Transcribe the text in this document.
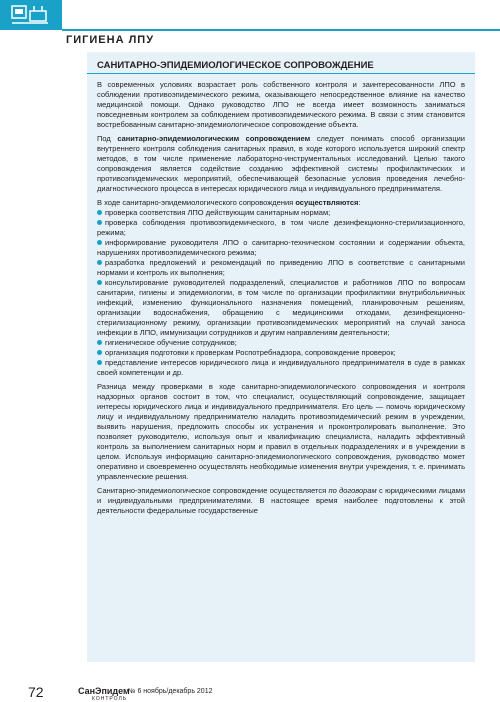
ГИГИЕНА ЛПУ
САНИТАРНО-ЭПИДЕМИОЛОГИЧЕСКОЕ СОПРОВОЖДЕНИЕ

В современных условиях возрастает роль собственного контроля и заинтересованности ЛПО в соблюдении противоэпидемического режима, оказывающего непосредственное влияние на качество медицинской помощи. Однако руководство ЛПО не всегда имеет возможность заниматься повседневным контролем за соблюдением противоэпидемического режима. В связи с этим становится востребованным санитарно-эпидемиологическое сопровождение объекта.

Под санитарно-эпидемиологическим сопровождением следует понимать способ организации внутреннего контроля соблюдения санитарных правил, в ходе которого используется широкий спектр методов, в том числе применение лабораторно-инструментальных исследований. Целью такого сопровождения является содействие созданию эффективной системы профилактических и противоэпидемических мероприятий, обеспечивающей безопасные условия проведения лечебно-диагностического процесса в интересах юридического лица и индивидуального предпринимателя.

В ходе санитарно-эпидемиологического сопровождения осуществляются:

проверка соответствия ЛПО действующим санитарным нормам;
проверка соблюдения противоэпидемического, в том числе дезинфекционно-стерилизационного, режима;
информирование руководителя ЛПО о санитарно-техническом состоянии и содержании объекта, нарушениях противоэпидемического режима;
разработка предложений и рекомендаций по приведению ЛПО в соответствие с санитарными нормами и контроль их выполнения;
консультирование руководителей подразделений, специалистов и работников ЛПО по вопросам санитарии, гигиены и эпидемиологии, в том числе по организации профилактики внутрибольничных инфекций, изменению функционального назначения помещений, планировочным решениям, организации водоснабжения, обращению с медицинскими отходами, дезинфекционно-стерилизационному режиму, организации противоэпидемических мероприятий на случай заноса инфекции в ЛПО, иммунизации сотрудников и другим направлениям деятельности;
гигиеническое обучение сотрудников;
организация подготовки к проверкам Роспотребнадзора, сопровождение проверок;
представление интересов юридического лица и индивидуального предпринимателя в суде в рамках своей компетенции и др.

Разница между проверками в ходе санитарно-эпидемиологического сопровождения и контроля надзорных органов состоит в том, что специалист, осуществляющий сопровождение, защищает интересы юридического лица и индивидуального предпринимателя. Его цель — помочь юридическому лицу и индивидуальному предпринимателю наладить противоэпидемический режим в учреждении, выявить нарушения, предложить способы их устранения и проконтролировать выполнение. Это позволяет руководителю, используя опыт и квалификацию специалиста, наладить эффективный контроль за выполнением санитарных норм и правил в отдельных подразделениях и в учреждении в целом. Используя информацию санитарно-эпидемиологического сопровождения, руководство может оперативно и своевременно осуществлять необходимые изменения внутри учреждения, т. е. принимать управленческие решения.

Санитарно-эпидемиологическое сопровождение осуществляется по договорам с юридическими лицами и индивидуальными предпринимателями. В настоящее время наиболее подготовлены к этой деятельности федеральные государственные

72	СанЭпидем
КОНТРОЛЬ
№ 6 ноябрь/декабрь 2012
